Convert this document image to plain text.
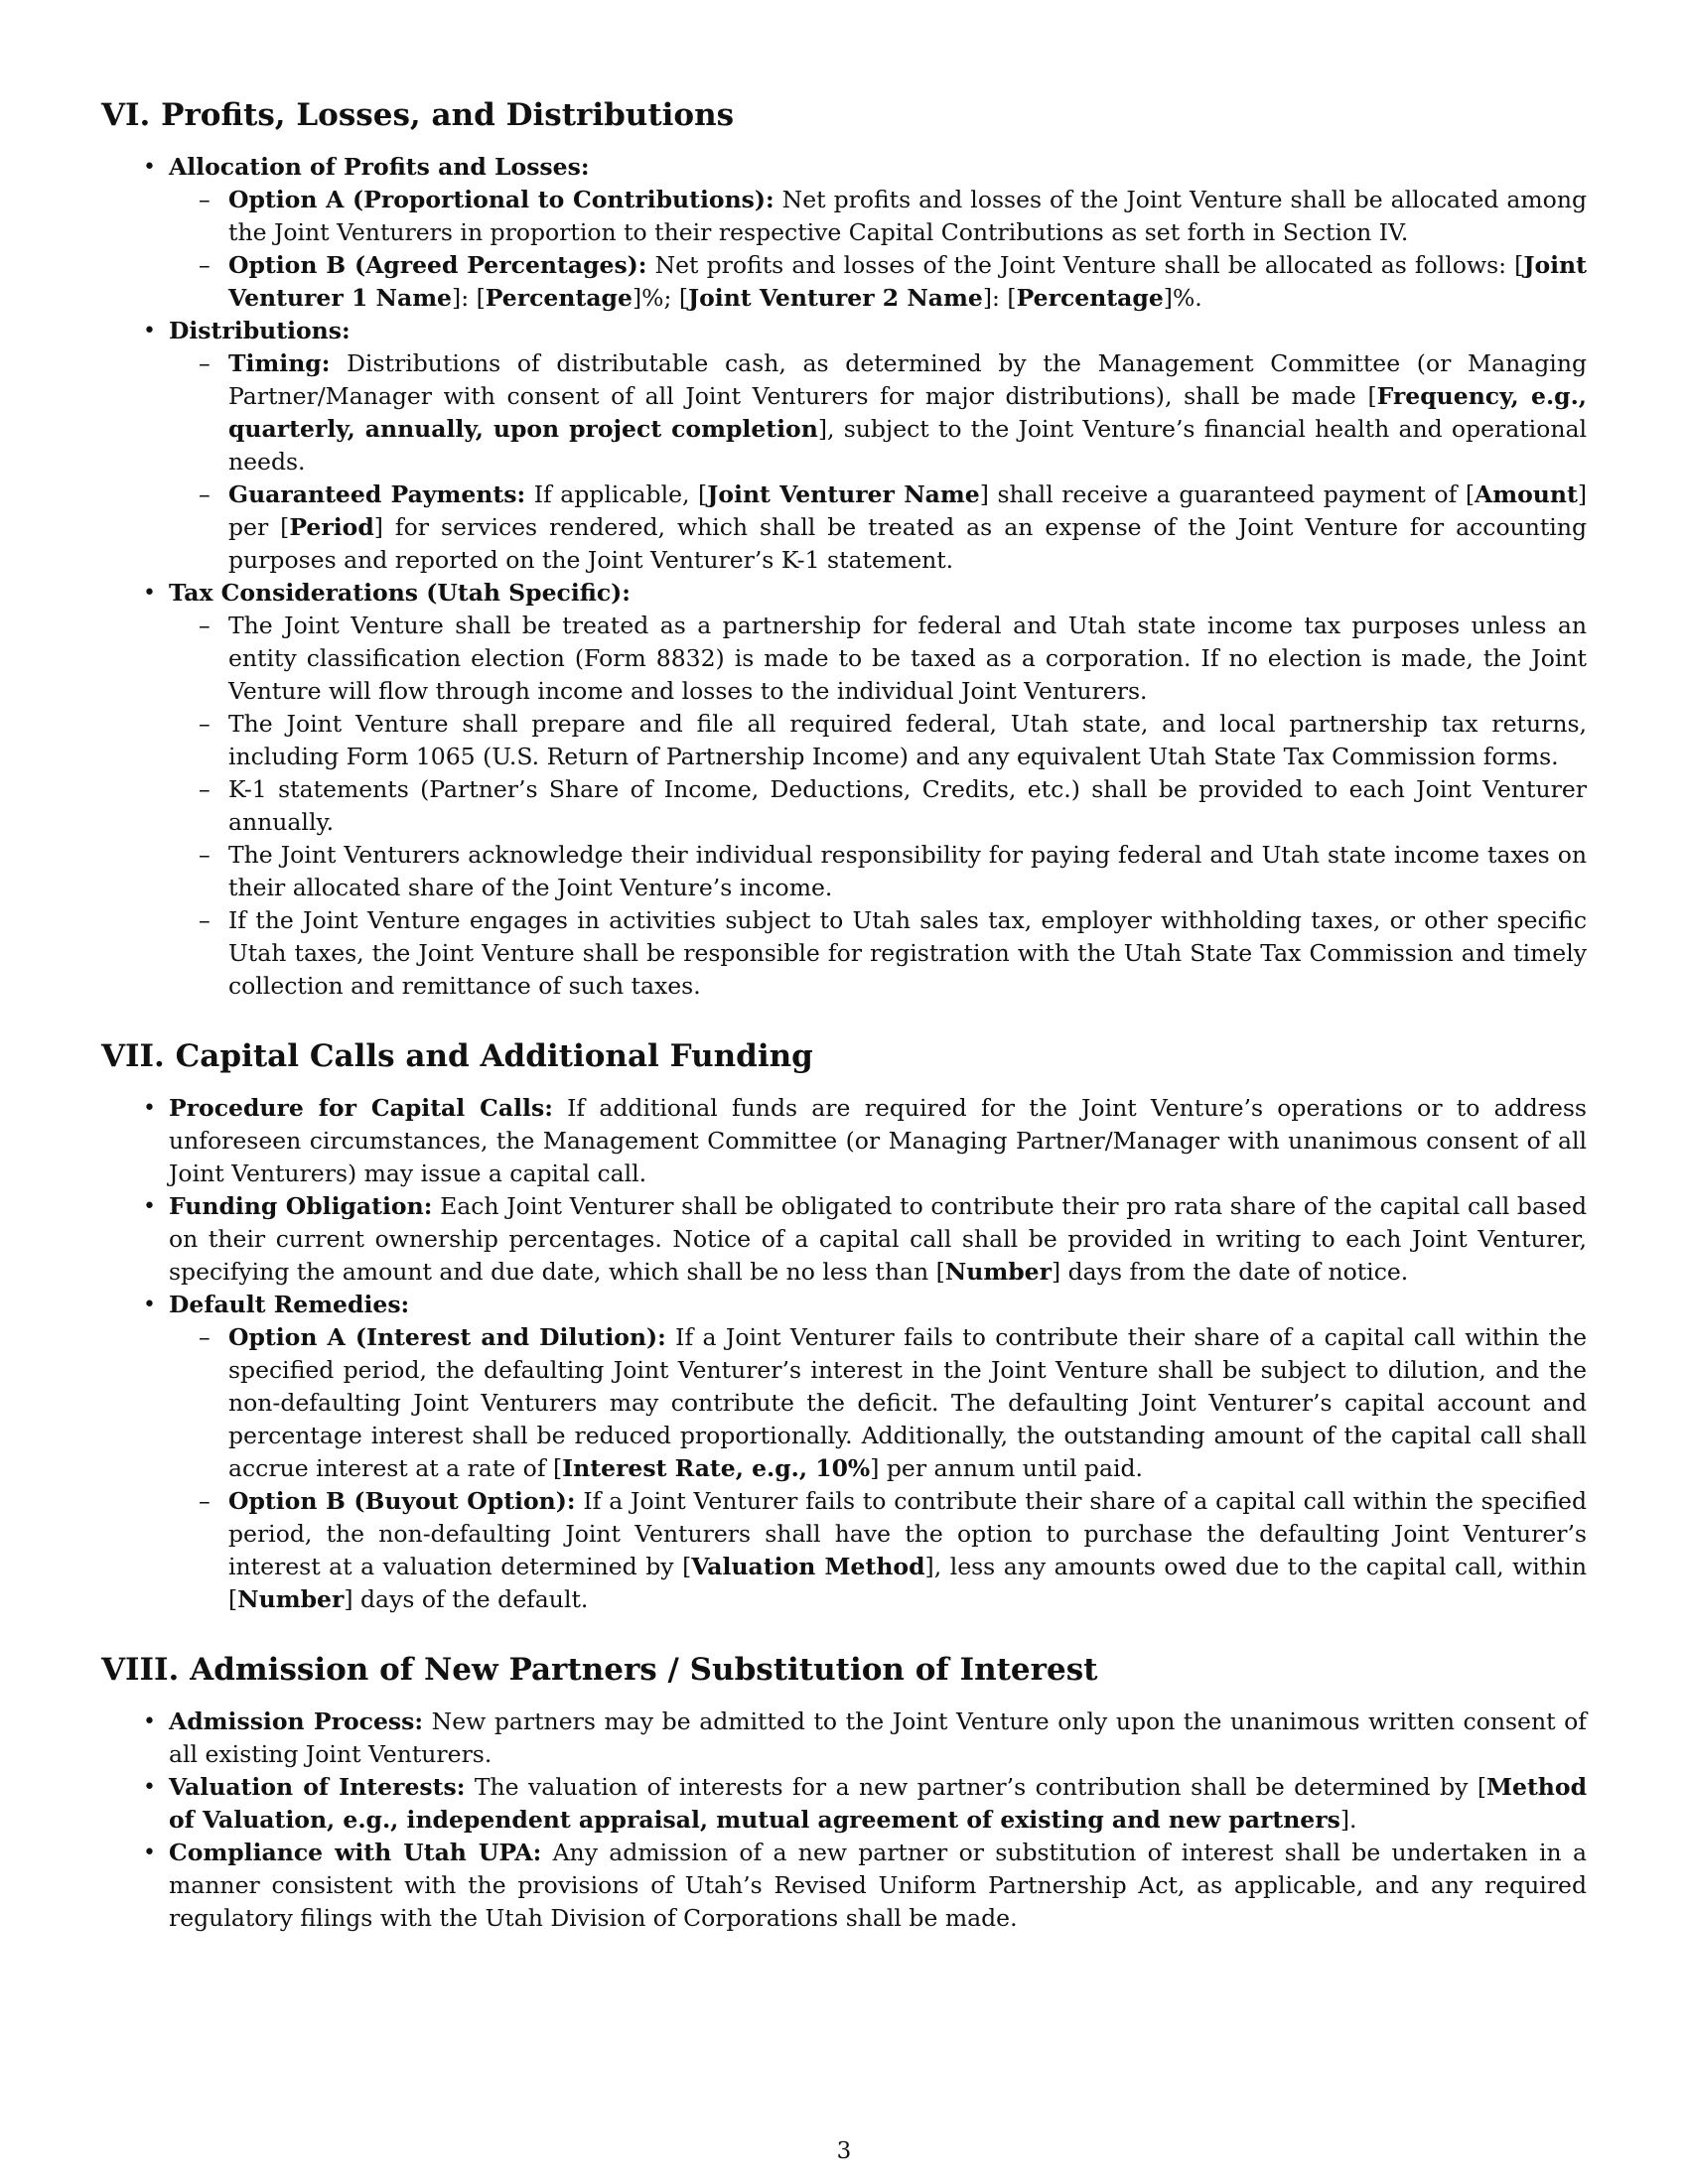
VI. Profits, Losses, and Distributions

• Allocation of Profits and Losses:

– Option A (Proportional to Contributions): Net profits and losses of the Joint Venture shall be allocated among the Joint Venturers in proportion to their respective Capital Contributions as set forth in Section IV.

– Option B (Agreed Percentages): Net profits and losses of the Joint Venture shall be allocated as follows: [Joint Venturer 1 Name]: [Percentage]%; [Joint Venturer 2 Name]: [Percentage]%.

• Distributions:

– Timing: Distributions of distributable cash, as determined by the Management Committee (or Managing Partner/Manager with consent of all Joint Venturers for major distributions), shall be made [Frequency, e.g., quarterly, annually, upon project completion], subject to the Joint Venture’s financial health and operational needs.

– Guaranteed Payments: If applicable, [Joint Venturer Name] shall receive a guaranteed payment of [Amount] per [Period] for services rendered, which shall be treated as an expense of the Joint Venture for accounting purposes and reported on the Joint Venturer’s K-1 statement.

• Tax Considerations (Utah Specific):

– The Joint Venture shall be treated as a partnership for federal and Utah state income tax purposes unless an entity classification election (Form 8832) is made to be taxed as a corporation. If no election is made, the Joint Venture will flow through income and losses to the individual Joint Venturers.

– The Joint Venture shall prepare and file all required federal, Utah state, and local partnership tax returns, including Form 1065 (U.S. Return of Partnership Income) and any equivalent Utah State Tax Commission forms.

– K-1 statements (Partner’s Share of Income, Deductions, Credits, etc.) shall be provided to each Joint Venturer annually.

– The Joint Venturers acknowledge their individual responsibility for paying federal and Utah state income taxes on their allocated share of the Joint Venture’s income.

– If the Joint Venture engages in activities subject to Utah sales tax, employer withholding taxes, or other specific Utah taxes, the Joint Venture shall be responsible for registration with the Utah State Tax Commission and timely collection and remittance of such taxes.

VII. Capital Calls and Additional Funding

• Procedure for Capital Calls: If additional funds are required for the Joint Venture’s operations or to address unforeseen circumstances, the Management Committee (or Managing Partner/Manager with unanimous consent of all Joint Venturers) may issue a capital call.

• Funding Obligation: Each Joint Venturer shall be obligated to contribute their pro rata share of the capital call based on their current ownership percentages. Notice of a capital call shall be provided in writing to each Joint Venturer, specifying the amount and due date, which shall be no less than [Number] days from the date of notice.

• Default Remedies:

– Option A (Interest and Dilution): If a Joint Venturer fails to contribute their share of a capital call within the specified period, the defaulting Joint Venturer’s interest in the Joint Venture shall be subject to dilution, and the non-defaulting Joint Venturers may contribute the deficit. The defaulting Joint Venturer’s capital account and percentage interest shall be reduced proportionally. Additionally, the outstanding amount of the capital call shall accrue interest at a rate of [Interest Rate, e.g., 10%] per annum until paid.

– Option B (Buyout Option): If a Joint Venturer fails to contribute their share of a capital call within the specified period, the non-defaulting Joint Venturers shall have the option to purchase the defaulting Joint Venturer’s interest at a valuation determined by [Valuation Method], less any amounts owed due to the capital call, within [Number] days of the default.

VIII. Admission of New Partners / Substitution of Interest

• Admission Process: New partners may be admitted to the Joint Venture only upon the unanimous written consent of all existing Joint Venturers.

• Valuation of Interests: The valuation of interests for a new partner’s contribution shall be determined by [Method of Valuation, e.g., independent appraisal, mutual agreement of existing and new partners].

• Compliance with Utah UPA: Any admission of a new partner or substitution of interest shall be undertaken in a manner consistent with the provisions of Utah’s Revised Uniform Partnership Act, as applicable, and any required regulatory filings with the Utah Division of Corporations shall be made.

3
